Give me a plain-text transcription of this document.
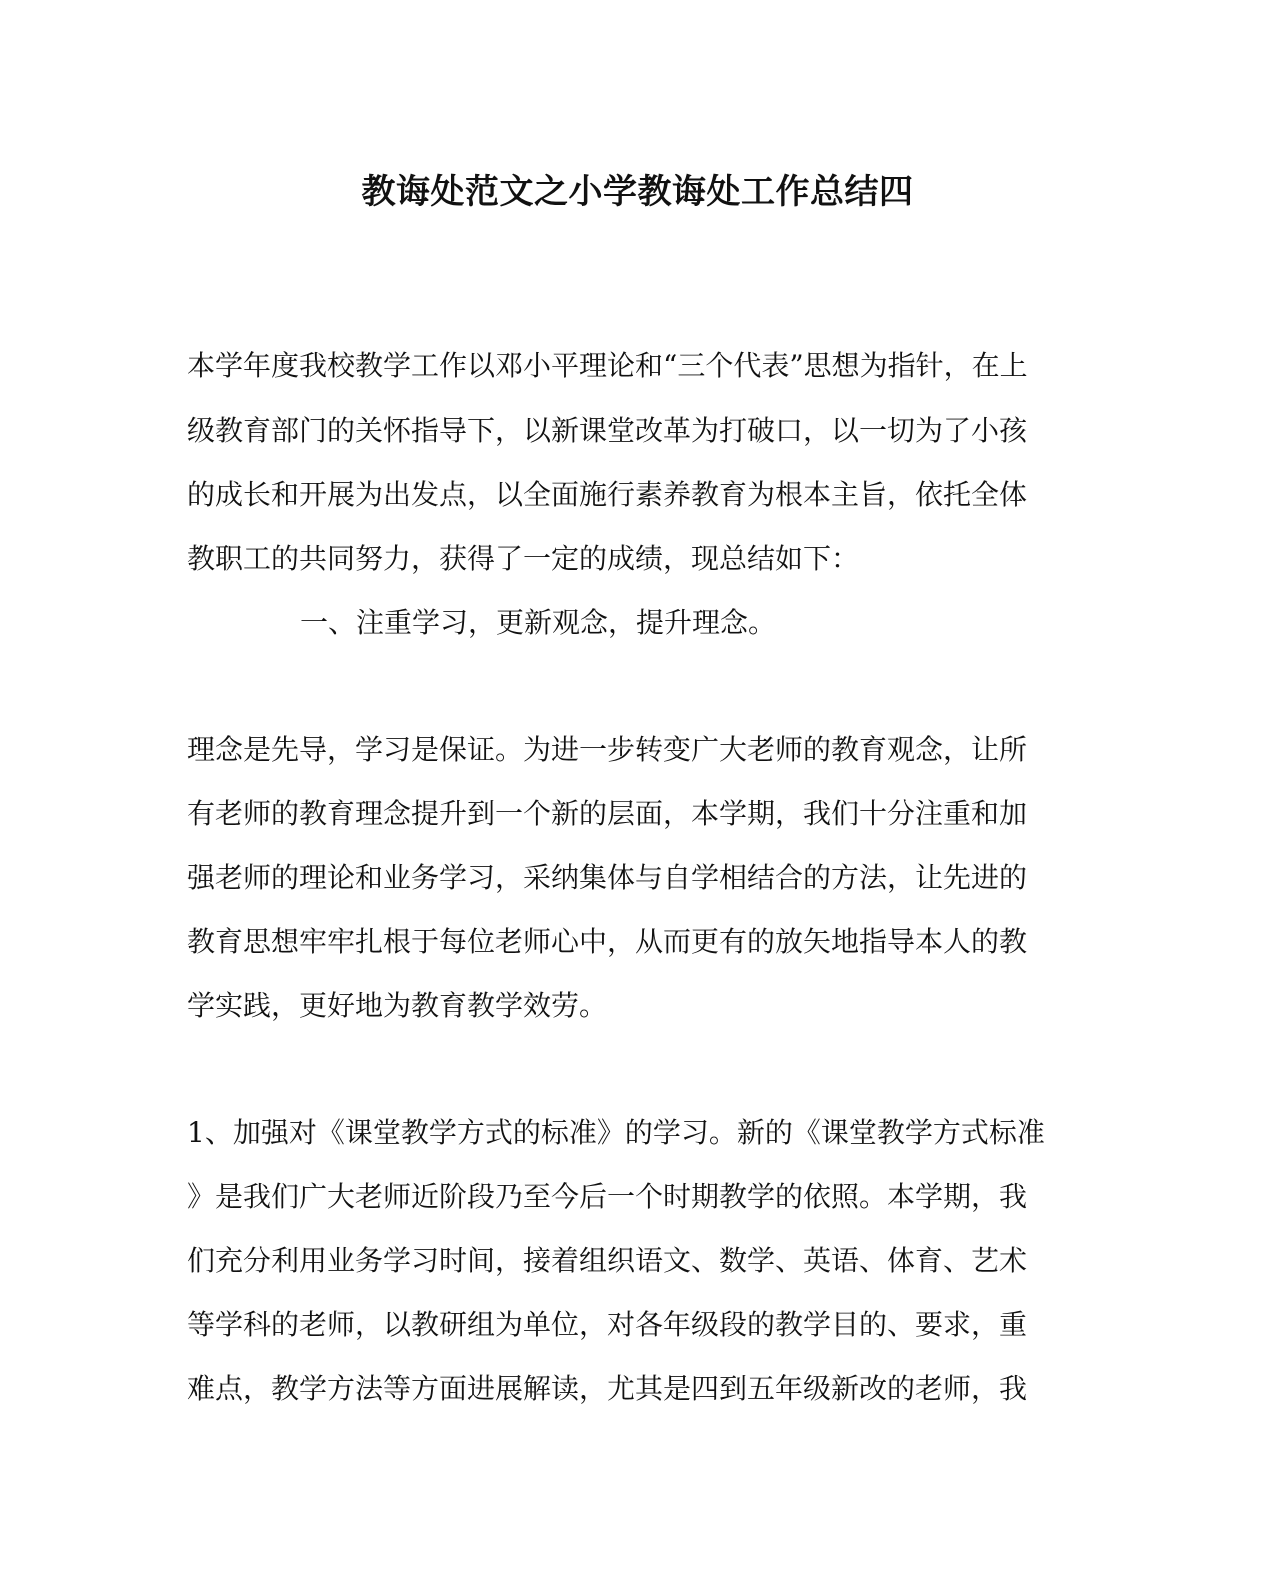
教诲处范文之小学教诲处工作总结四

本学年度我校教学工作以邓小平理论和“三个代表”思想为指针，在上

级教育部门的关怀指导下，以新课堂改革为打破口，以一切为了小孩

的成长和开展为出发点，以全面施行素养教育为根本主旨，依托全体

教职工的共同努力，获得了一定的成绩，现总结如下：

一、注重学习，更新观念，提升理念。

理念是先导，学习是保证。为进一步转变广大老师的教育观念，让所

有老师的教育理念提升到一个新的层面，本学期，我们十分注重和加

强老师的理论和业务学习，采纳集体与自学相结合的方法，让先进的

教育思想牢牢扎根于每位老师心中，从而更有的放矢地指导本人的教

学实践，更好地为教育教学效劳。

1、加强对《课堂教学方式的标准》的学习。新的《课堂教学方式标准

》是我们广大老师近阶段乃至今后一个时期教学的依照。本学期，我

们充分利用业务学习时间，接着组织语文、数学、英语、体育、艺术

等学科的老师，以教研组为单位，对各年级段的教学目的、要求，重

难点，教学方法等方面进展解读，尤其是四到五年级新改的老师，我
